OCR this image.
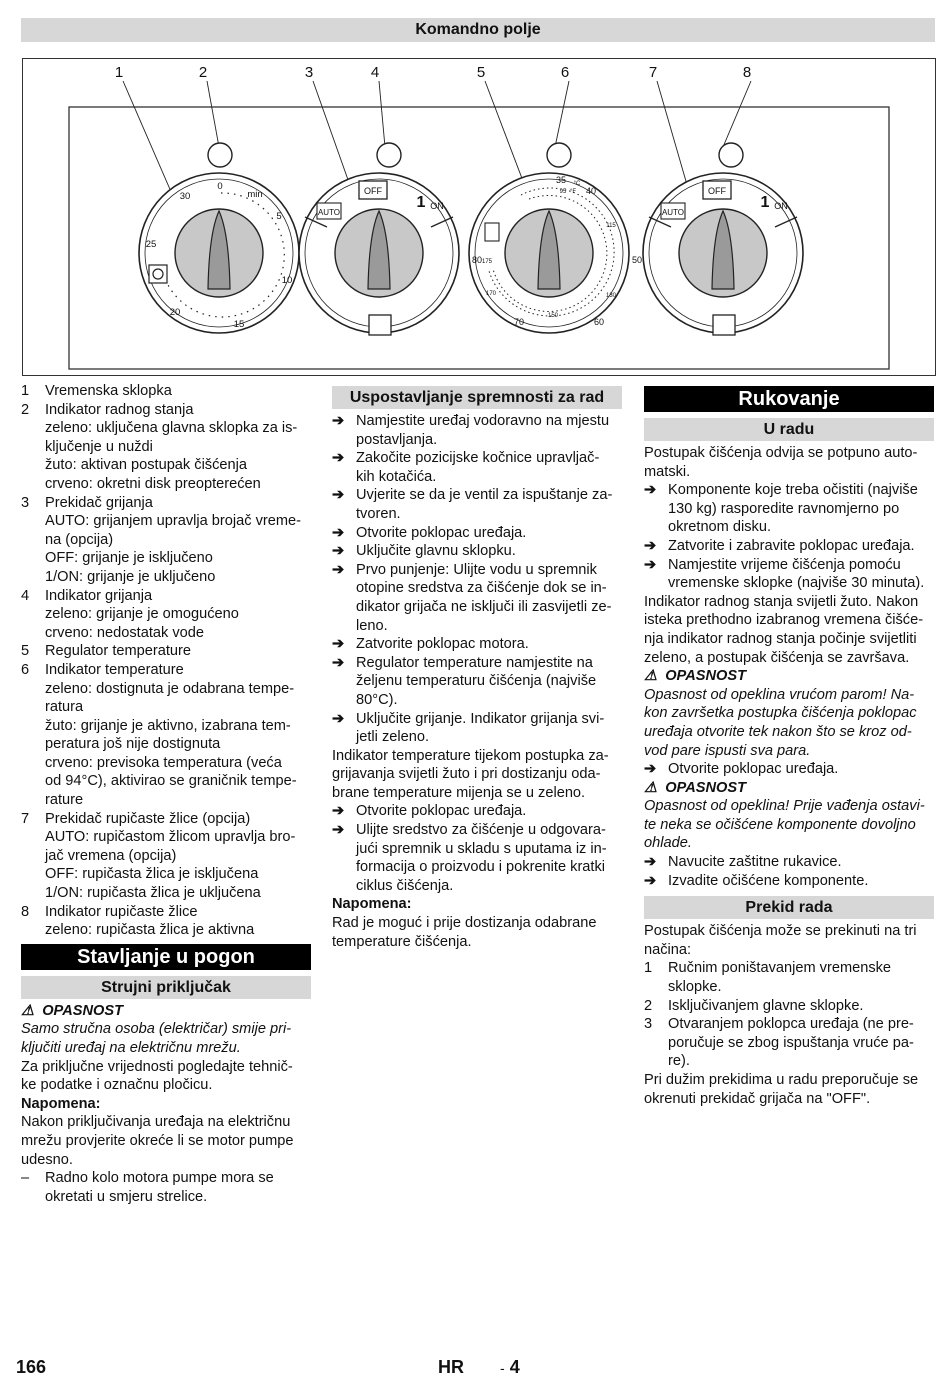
Komandno polje
1	2	3	4	5	6	7	8
0
min
5
10
15
20
25
30	OFF
AUTO
1 ON
OFF
AUTO
1 ON
35 °C
40
50
60
70
80
°F
95
115
130
150
170
175
1	Vremenska sklopka
2	Indikator radnog stanja
zeleno: uključena glavna sklopka za is-
ključenje u nuždi
žuto: aktivan postupak čišćenja
crveno: okretni disk preopterećen
3	Prekidač grijanja
AUTO: grijanjem upravlja brojač vreme-
na (opcija)
OFF: grijanje je isključeno
1/ON: grijanje je uključeno
4	Indikator grijanja
zeleno: grijanje je omogućeno
crveno: nedostatak vode
5	Regulator temperature
6	Indikator temperature
zeleno: dostignuta je odabrana tempe-
ratura
žuto: grijanje je aktivno, izabrana tem-
peratura još nije dostignuta
crveno: previsoka temperatura (veća
od 94°C), aktivirao se graničnik tempe-
rature
7	Prekidač rupičaste žlice (opcija)
AUTO: rupičastom žlicom upravlja bro-
jač vremena (opcija)
OFF: rupičasta žlica je isključena
1/ON: rupičasta žlica je uključena
8	Indikator rupičaste žlice
zeleno: rupičasta žlica je aktivna
Stavljanje u pogon
Strujni priključak
⚠ OPASNOST
Samo stručna osoba (električar) smije pri-
ključiti uređaj na električnu mrežu.
Za priključne vrijednosti pogledajte tehnič-
ke podatke i označnu pločicu.
Napomena:
Nakon priključivanja uređaja na električnu
mrežu provjerite okreće li se motor pumpe
udesno.
–	Radno kolo motora pumpe mora se
okretati u smjeru strelice.
Uspostavljanje spremnosti za rad
➔ Namjestite uređaj vodoravno na mjestu
postavljanja.
➔ Zakočite pozicijske kočnice upravljač-
kih kotačića.
➔ Uvjerite se da je ventil za ispuštanje za-
tvoren.
➔ Otvorite poklopac uređaja.
➔ Uključite glavnu sklopku.
➔ Prvo punjenje: Ulijte vodu u spremnik
otopine sredstva za čišćenje dok se in-
dikator grijača ne isključi ili zasvijetli ze-
leno.
➔ Zatvorite poklopac motora.
➔ Regulator temperature namjestite na
željenu temperaturu čišćenja (najviše
80°C).
➔ Uključite grijanje. Indikator grijanja svi-
jetli zeleno.
Indikator temperature tijekom postupka za-
grijavanja svijetli žuto i pri dostizanju oda-
brane temperature mijenja se u zeleno.
➔ Otvorite poklopac uređaja.
➔ Ulijte sredstvo za čišćenje u odgovara-
jući spremnik u skladu s uputama iz in-
formacija o proizvodu i pokrenite kratki
ciklus čišćenja.
Napomena:
Rad je moguć i prije dostizanja odabrane
temperature čišćenja.
Rukovanje
U radu
Postupak čišćenja odvija se potpuno auto-
matski.
➔ Komponente koje treba očistiti (najviše
130 kg) rasporedite ravnomjerno po
okretnom disku.
➔ Zatvorite i zabravite poklopac uređaja.
➔ Namjestite vrijeme čišćenja pomoću
vremenske sklopke (najviše 30 minuta).
Indikator radnog stanja svijetli žuto. Nakon
isteka prethodno izabranog vremena čišće-
nja indikator radnog stanja počinje svijetliti
zeleno, a postupak čišćenja se završava.
⚠ OPASNOST
Opasnost od opeklina vrućom parom! Na-
kon završetka postupka čišćenja poklopac
uređaja otvorite tek nakon što se kroz od-
vod pare ispusti sva para.
➔ Otvorite poklopac uređaja.
⚠ OPASNOST
Opasnost od opeklina! Prije vađenja ostavi-
te neka se očišćene komponente dovoljno
ohlade.
➔ Navucite zaštitne rukavice.
➔ Izvadite očišćene komponente.
Prekid rada
Postupak čišćenja može se prekinuti na tri
načina:
1	Ručnim poništavanjem vremenske
sklopke.
2	Isključivanjem glavne sklopke.
3	Otvaranjem poklopca uređaja (ne pre-
poručuje se zbog ispuštanja vruće pa-
re).
Pri dužim prekidima u radu preporučuje se
okrenuti prekidač grijača na "OFF".
166	HR	- 4
